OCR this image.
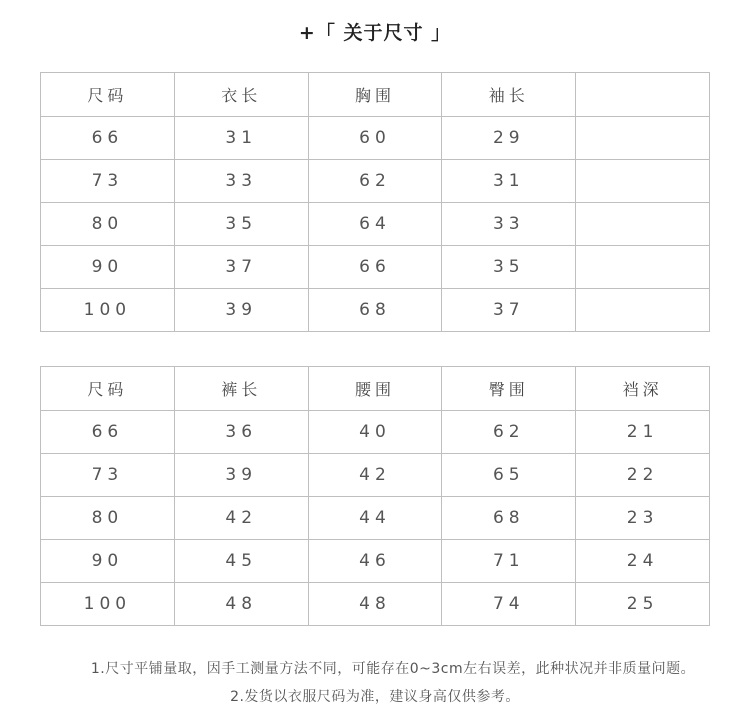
+「 关于尺寸 」
尺码	衣长	胸围	袖长	
66	31	60	29	
73	33	62	31	
80	35	64	33	
90	37	66	35	
100	39	68	37	
尺码	裤长	腰围	臀围	裆深
66	36	40	62	21
73	39	42	65	22
80	42	44	68	23
90	45	46	71	24
100	48	48	74	25
1.尺寸平铺量取，因手工测量方法不同，可能存在0~3cm左右误差，此种状况并非质量问题。
2.发货以衣服尺码为准，建议身高仅供参考。
